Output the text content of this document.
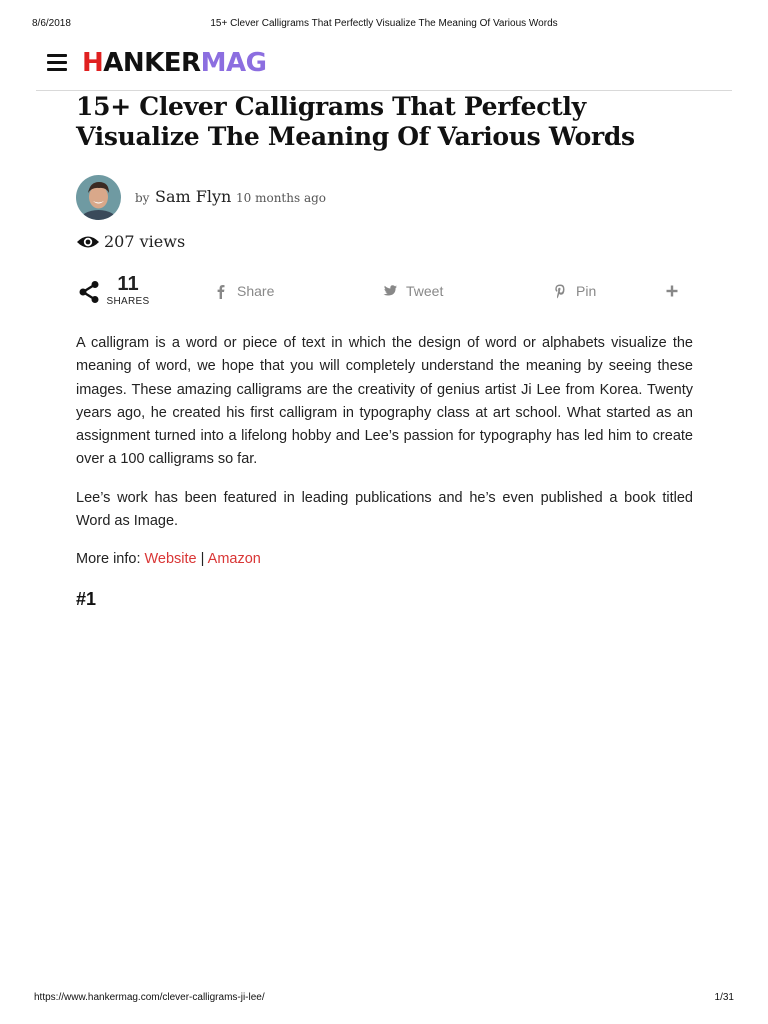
8/6/2018	15+ Clever Calligrams That Perfectly Visualize The Meaning Of Various Words
HANKERMAG
15+ Clever Calligrams That Perfectly Visualize The Meaning Of Various Words
by Sam Flyn 10 months ago
207 views
11
SHARES
Share	Tweet	Pin

A calligram is a word or piece of text in which the design of word or alphabets visualize the meaning of word, we hope that you will completely understand the meaning by seeing these images. These amazing calligrams are the creativity of genius artist Ji Lee from Korea. Twenty years ago, he created his first calligram in typography class at art school. What started as an assignment turned into a lifelong hobby and Lee’s passion for typography has led him to create over a 100 calligrams so far.

Lee’s work has been featured in leading publications and he’s even published a book titled Word as Image.

More info: Website | Amazon

#1
https://www.hankermag.com/clever-calligrams-ji-lee/	1/31
